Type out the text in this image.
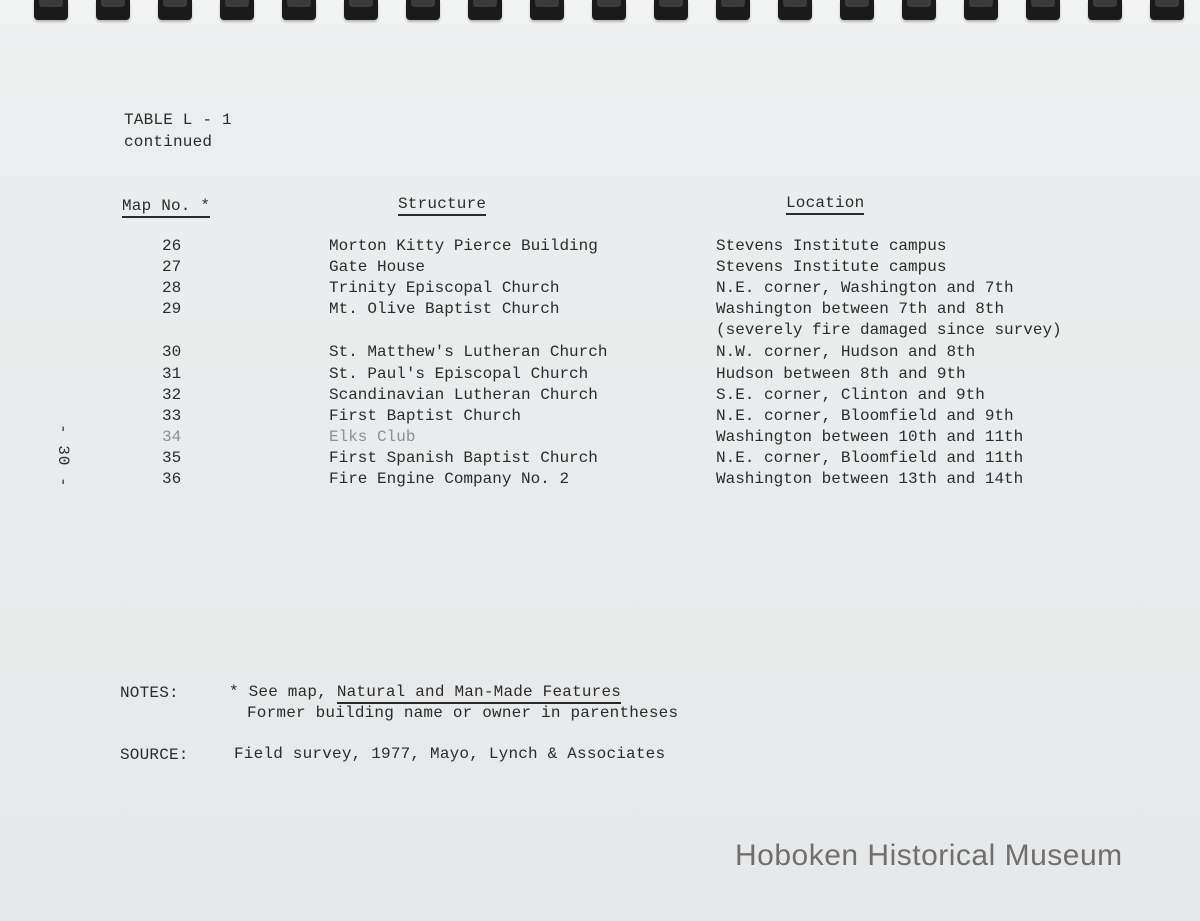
TABLE L - 1
continued
Map No. *	Structure	Location
26	Morton Kitty Pierce Building	Stevens Institute campus
27	Gate House	Stevens Institute campus
28	Trinity Episcopal Church	N.E. corner, Washington and 7th
29	Mt. Olive Baptist Church	Washington between 7th and 8th
(severely fire damaged since survey)
30	St. Matthew's Lutheran Church	N.W. corner, Hudson and 8th
31	St. Paul's Episcopal Church	Hudson between 8th and 9th
32	Scandinavian Lutheran Church	S.E. corner, Clinton and 9th
33	First Baptist Church	N.E. corner, Bloomfield and 9th
34	Elks Club	Washington between 10th and 11th
35	First Spanish Baptist Church	N.E. corner, Bloomfield and 11th
36	Fire Engine Company No. 2	Washington between 13th and 14th
- 30 -
NOTES:	* See map, Natural and Man-Made Features
Former building name or owner in parentheses
SOURCE:	Field survey, 1977, Mayo, Lynch & Associates
Hoboken Historical Museum
